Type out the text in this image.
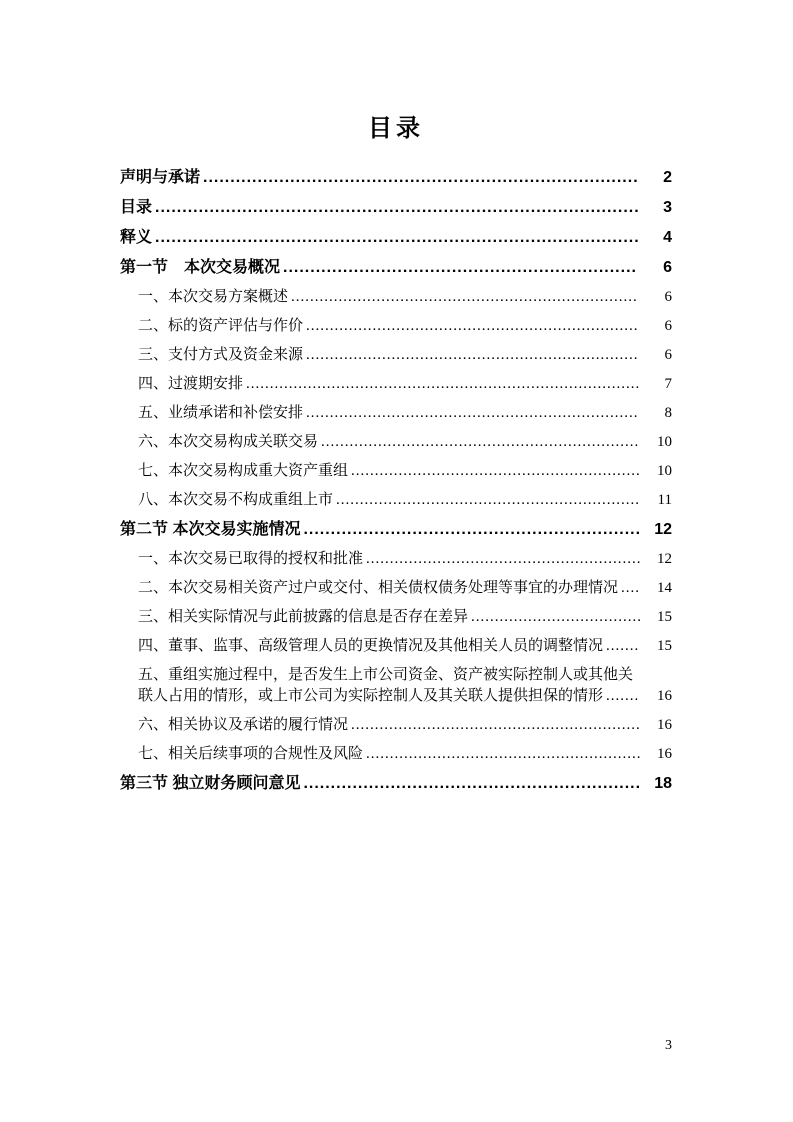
目录
声明与承诺 ................................................................................ 2
目录 ......................................................................................... 3
释义 ......................................................................................... 4
第一节　本次交易概况 ................................................................. 6
一、本次交易方案概述 ......................................................................... 6
二、标的资产评估与作价 ...................................................................... 6
三、支付方式及资金来源 ...................................................................... 6
四、过渡期安排 ................................................................................... 7
五、业绩承诺和补偿安排 ...................................................................... 8
六、本次交易构成关联交易 ................................................................... 10
七、本次交易构成重大资产重组 ............................................................. 10
八、本次交易不构成重组上市 ................................................................ 11
第二节 本次交易实施情况 .............................................................. 12
一、本次交易已取得的授权和批准 .......................................................... 12
二、本次交易相关资产过户或交付、相关债权债务处理等事宜的办理情况 .... 14
三、相关实际情况与此前披露的信息是否存在差异 .................................... 15
四、董事、监事、高级管理人员的更换情况及其他相关人员的调整情况 ....... 15
五、重组实施过程中，是否发生上市公司资金、资产被实际控制人或其他关联人占用的情形，或上市公司为实际控制人及其关联人提供担保的情形 ....... 16
六、相关协议及承诺的履行情况 ............................................................. 16
七、相关后续事项的合规性及风险 .......................................................... 16
第三节 独立财务顾问意见 .............................................................. 18
3
